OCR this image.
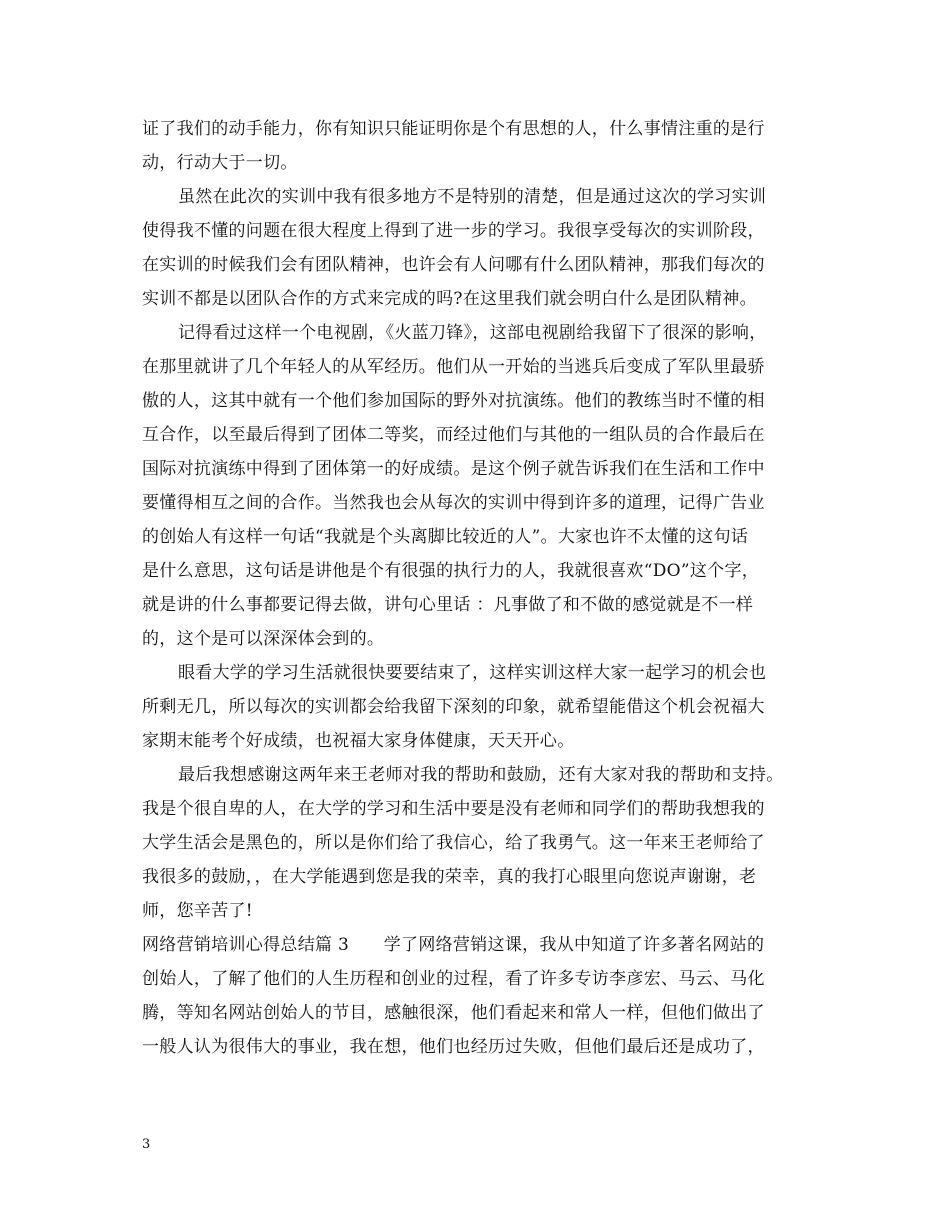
证了我们的动手能力，你有知识只能证明你是个有思想的人，什么事情注重的是行
动，行动大于一切。
虽然在此次的实训中我有很多地方不是特别的清楚，但是通过这次的学习实训
使得我不懂的问题在很大程度上得到了进一步的学习。我很享受每次的实训阶段，
在实训的时候我们会有团队精神，也许会有人问哪有什么团队精神，那我们每次的
实训不都是以团队合作的方式来完成的吗?在这里我们就会明白什么是团队精神。
记得看过这样一个电视剧，《火蓝刀锋》，这部电视剧给我留下了很深的影响，
在那里就讲了几个年轻人的从军经历。他们从一开始的当逃兵后变成了军队里最骄
傲的人，这其中就有一个他们参加国际的野外对抗演练。他们的教练当时不懂的相
互合作，以至最后得到了团体二等奖，而经过他们与其他的一组队员的合作最后在
国际对抗演练中得到了团体第一的好成绩。是这个例子就告诉我们在生活和工作中
要懂得相互之间的合作。当然我也会从每次的实训中得到许多的道理，记得广告业
的创始人有这样一句话“我就是个头离脚比较近的人”。大家也许不太懂的这句话
是什么意思，这句话是讲他是个有很强的执行力的人，我就很喜欢“DO”这个字，
就是讲的什么事都要记得去做，讲句心里话 ：凡事做了和不做的感觉就是不一样
的，这个是可以深深体会到的。
眼看大学的学习生活就很快要要结束了，这样实训这样大家一起学习的机会也
所剩无几，所以每次的实训都会给我留下深刻的印象，就希望能借这个机会祝福大
家期末能考个好成绩，也祝福大家身体健康，天天开心。
最后我想感谢这两年来王老师对我的帮助和鼓励，还有大家对我的帮助和支持。
我是个很自卑的人，在大学的学习和生活中要是没有老师和同学们的帮助我想我的
大学生活会是黑色的，所以是你们给了我信心，给了我勇气。这一年来王老师给了
我很多的鼓励，，在大学能遇到您是我的荣幸，真的我打心眼里向您说声谢谢，老
师，您辛苦了!
网络营销培训心得总结篇 3　　学了网络营销这课，我从中知道了许多著名网站的
创始人，了解了他们的人生历程和创业的过程，看了许多专访李彦宏、马云、马化
腾，等知名网站创始人的节目，感触很深，他们看起来和常人一样，但他们做出了
一般人认为很伟大的事业，我在想，他们也经历过失败，但他们最后还是成功了，
3
